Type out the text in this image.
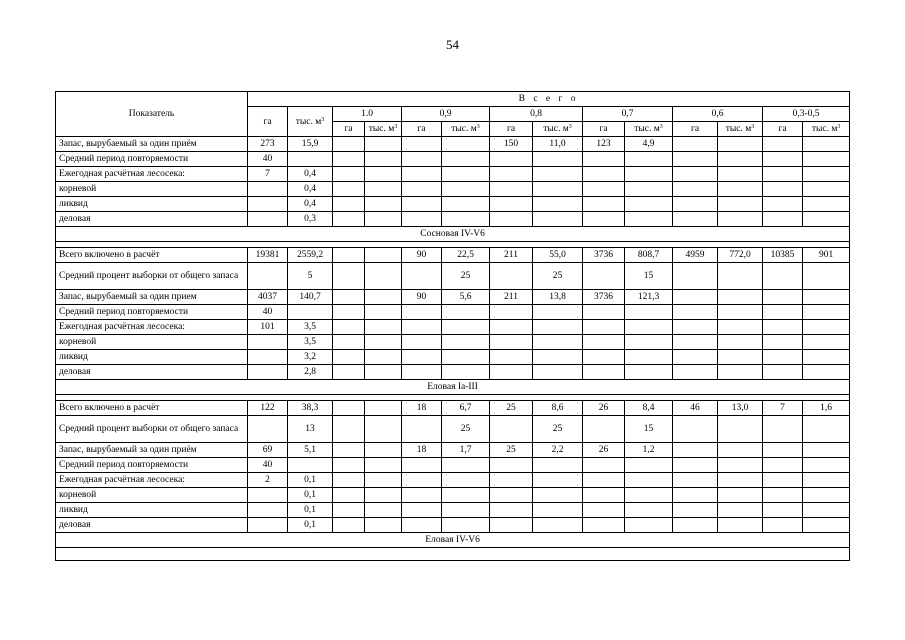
54
Показатель	В с е г о													
	га	тыс. $м^3$	1.0		0,9		0,8		0,7		0,6		0,3-0,5	
			га	тыс. $м^3$	га	тыс. $м^3$	га	тыс. $м^3$	га	тыс. $м^3$	га	тыс. $м^3$	га	тыс. $м^3$
Запас, вырубаемый за один приём	273	15,9					150	11,0	123	4,9				
Средний период повторяемости	40													
Ежегодная расчётная лесосека:	7	0,4												
корневой		0,4												
ликвид		0,4												
деловая		0,3												
Сосновая IV-V6														

Всего включено в расчёт	19381	2559,2			90	22,5	211	55,0	3736	808,7	4959	772,0	10385	901
Средний процент выборки от общего запаса		5				25		25		15				
Запас, вырубаемый за один прием	4037	140,7			90	5,6	211	13,8	3736	121,3				
Средний период повторяемости	40													
Ежегодная расчётная лесосека:	101	3,5												
корневой		3,5												
ликвид		3,2												
деловая		2,8												
Еловая Ia-III														

Всего включено в расчёт	122	38,3			18	6,7	25	8,6	26	8,4	46	13,0	7	1,6
Средний процент выборки от общего запаса		13				25		25		15				
Запас, вырубаемый за один приём	69	5,1			18	1,7	25	2,2	26	1,2				
Средний период повторяемости	40													
Ежегодная расчётная лесосека:	2	0,1												
корневой		0,1												
ликвид		0,1												
деловая		0,1												
Еловая IV-V6														
